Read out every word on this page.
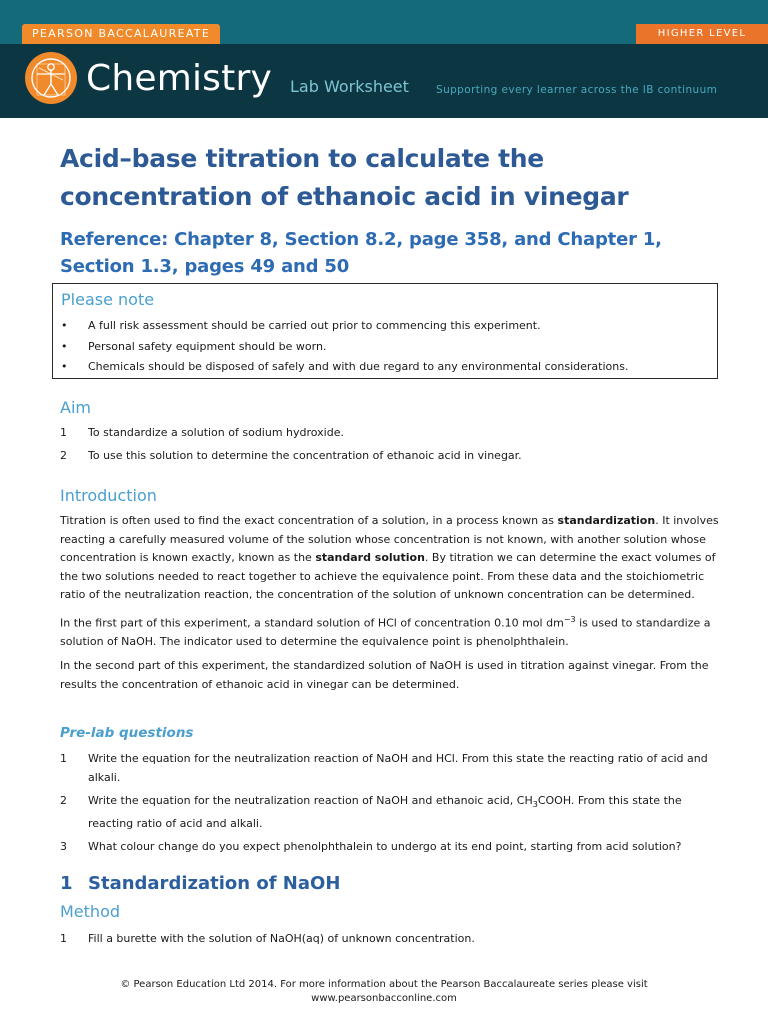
PEARSON BACCALAUREATE	HIGHER LEVEL
Chemistry Lab Worksheet	Supporting every learner across the IB continuum
Acid–base titration to calculate the concentration of ethanoic acid in vinegar
Reference: Chapter 8, Section 8.2, page 358, and Chapter 1, Section 1.3, pages 49 and 50
Please note
• A full risk assessment should be carried out prior to commencing this experiment.
• Personal safety equipment should be worn.
• Chemicals should be disposed of safely and with due regard to any environmental considerations.
Aim
1 To standardize a solution of sodium hydroxide.
2 To use this solution to determine the concentration of ethanoic acid in vinegar.
Introduction

Titration is often used to find the exact concentration of a solution, in a process known as standardization. It involves reacting a carefully measured volume of the solution whose concentration is not known, with another solution whose concentration is known exactly, known as the standard solution. By titration we can determine the exact volumes of the two solutions needed to react together to achieve the equivalence point. From these data and the stoichiometric ratio of the neutralization reaction, the concentration of the solution of unknown concentration can be determined.

In the first part of this experiment, a standard solution of HCl of concentration 0.10 mol $dm^{-3}$ is used to standardize a solution of NaOH. The indicator used to determine the equivalence point is phenolphthalein.

In the second part of this experiment, the standardized solution of NaOH is used in titration against vinegar. From the results the concentration of ethanoic acid in vinegar can be determined.

Pre-lab questions
1 Write the equation for the neutralization reaction of NaOH and HCl. From this state the reacting ratio of acid and alkali.
2 Write the equation for the neutralization reaction of NaOH and ethanoic acid, $CH_3COOH$. From this state the reacting ratio of acid and alkali.
3 What colour change do you expect phenolphthalein to undergo at its end point, starting from acid solution?
1 Standardization of NaOH
Method
1 Fill a burette with the solution of NaOH(aq) of unknown concentration.
© Pearson Education Ltd 2014. For more information about the Pearson Baccalaureate series please visit
www.pearsonbacconline.com
